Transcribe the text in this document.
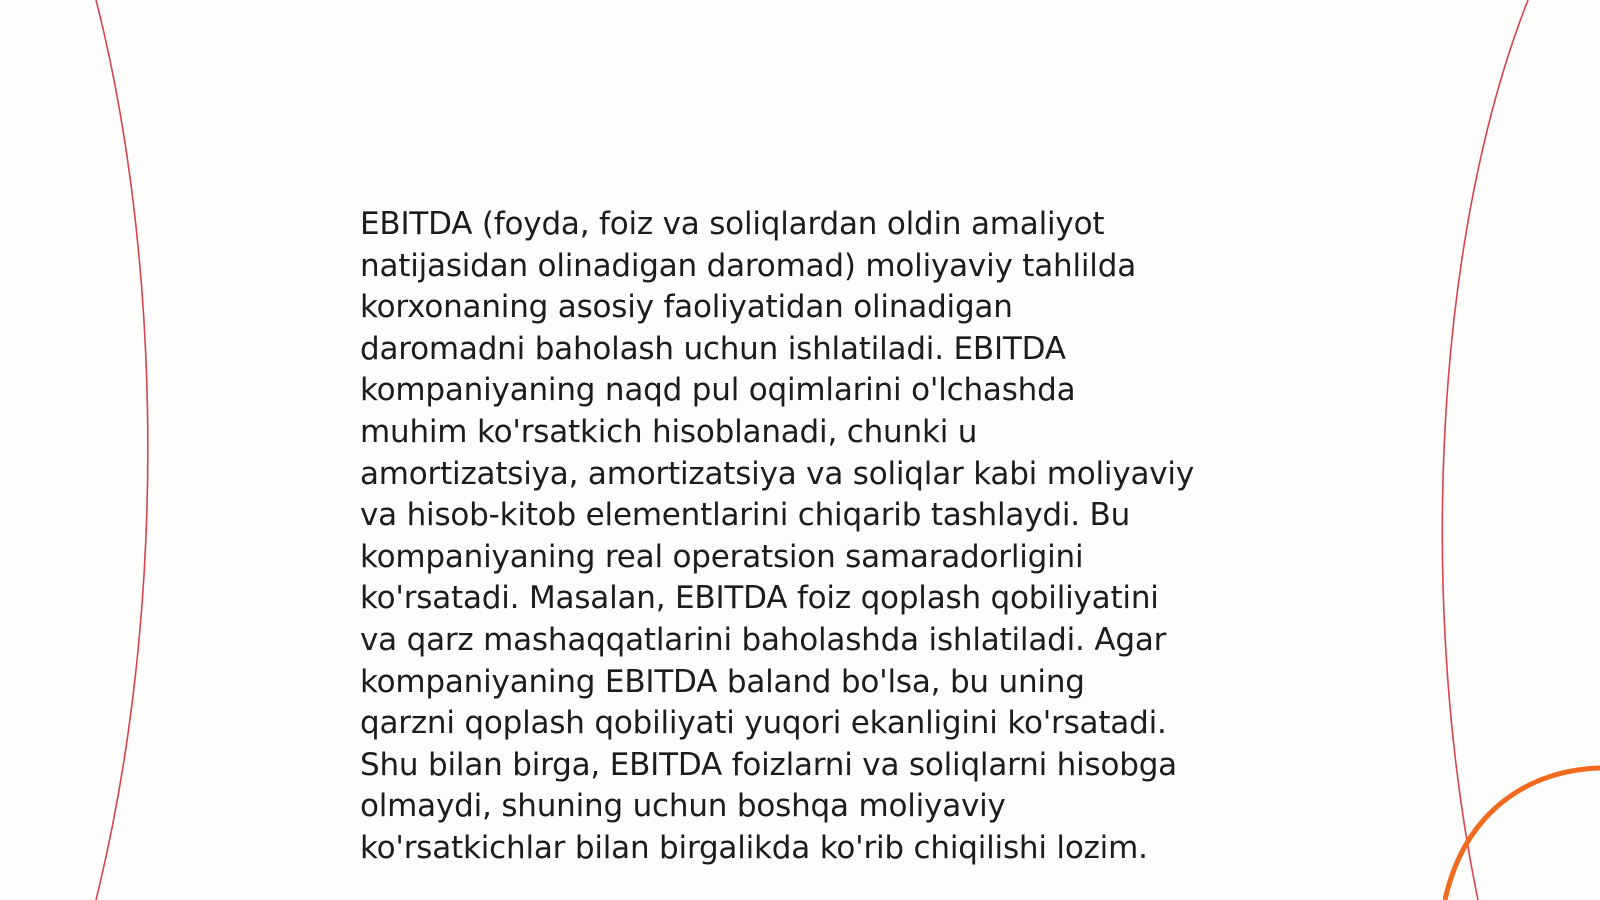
EBITDA (foyda, foiz va soliqlardan oldin amaliyot
natijasidan olinadigan daromad) moliyaviy tahlilda
korxonaning asosiy faoliyatidan olinadigan
daromadni baholash uchun ishlatiladi. EBITDA
kompaniyaning naqd pul oqimlarini o'lchashda
muhim ko'rsatkich hisoblanadi, chunki u
amortizatsiya, amortizatsiya va soliqlar kabi moliyaviy
va hisob-kitob elementlarini chiqarib tashlaydi. Bu
kompaniyaning real operatsion samaradorligini
ko'rsatadi. Masalan, EBITDA foiz qoplash qobiliyatini
va qarz mashaqqatlarini baholashda ishlatiladi. Agar
kompaniyaning EBITDA baland bo'lsa, bu uning
qarzni qoplash qobiliyati yuqori ekanligini ko'rsatadi.
Shu bilan birga, EBITDA foizlarni va soliqlarni hisobga
olmaydi, shuning uchun boshqa moliyaviy
ko'rsatkichlar bilan birgalikda ko'rib chiqilishi lozim.
